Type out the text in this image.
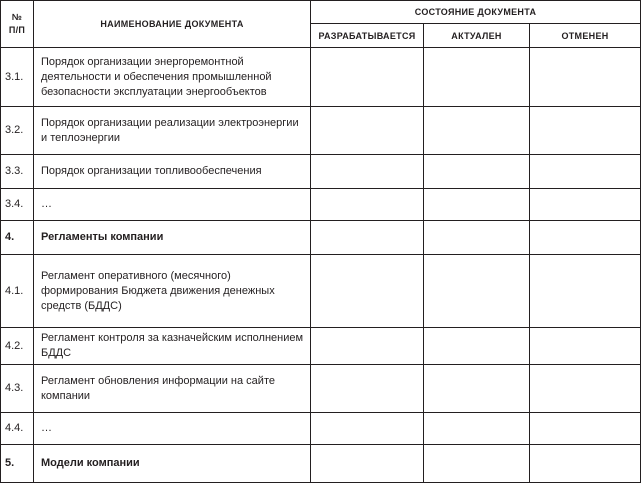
№
П/П	НАИМЕНОВАНИЕ ДОКУМЕНТА	СОСТОЯНИЕ ДОКУМЕНТА		
		РАЗРАБАТЫВАЕТСЯ	АКТУАЛЕН	ОТМЕНЕН
3.1.	Порядок организации энергоремонтной деятельности и обеспечения промышленной безопасности эксплуатации энергообъектов			
3.2.	Порядок организации реализации электроэнергии и теплоэнергии			
3.3.	Порядок организации топливообеспечения			
3.4.	…			
4.	Регламенты компании			
4.1.	Регламент оперативного (месячного) формирования Бюджета движения денежных средств (БДДС)			
4.2.	Регламент контроля за казначейским исполнением БДДС			
4.3.	Регламент обновления информации на сайте компании			
4.4.	…			
5.	Модели компании			
